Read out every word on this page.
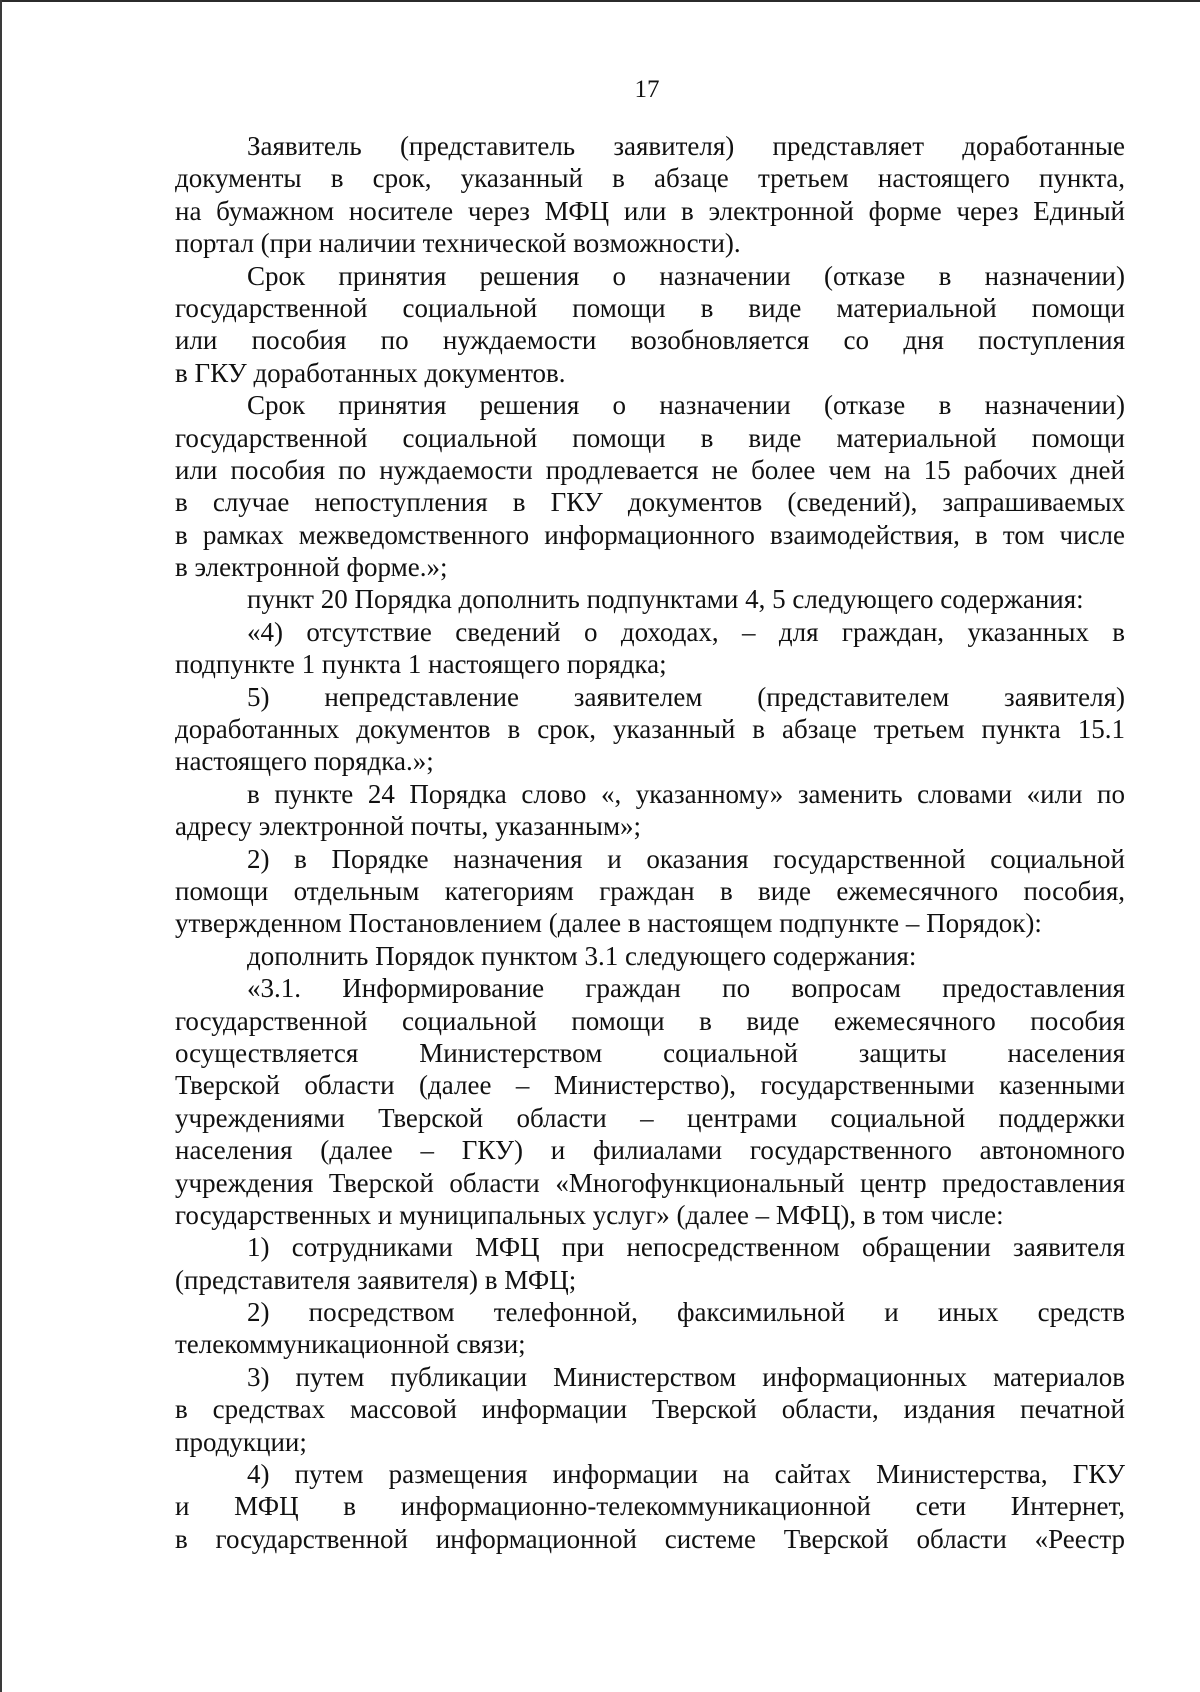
17
Заявитель (представитель заявителя) представляет доработанные
документы в срок, указанный в абзаце третьем настоящего пункта,
на бумажном носителе через МФЦ или в электронной форме через Единый
портал (при наличии технической возможности).
Срок принятия решения о назначении (отказе в назначении)
государственной социальной помощи в виде материальной помощи
или пособия по нуждаемости возобновляется со дня поступления
в ГКУ доработанных документов.
Срок принятия решения о назначении (отказе в назначении)
государственной социальной помощи в виде материальной помощи
или пособия по нуждаемости продлевается не более чем на 15 рабочих дней
в случае непоступления в ГКУ документов (сведений), запрашиваемых
в рамках межведомственного информационного взаимодействия, в том числе
в электронной форме.»;
пункт 20 Порядка дополнить подпунктами 4, 5 следующего содержания:
«4) отсутствие сведений о доходах, – для граждан, указанных в
подпункте 1 пункта 1 настоящего порядка;
5) непредставление заявителем (представителем заявителя)
доработанных документов в срок, указанный в абзаце третьем пункта 15.1
настоящего порядка.»;
в пункте 24 Порядка слово «, указанному» заменить словами «или по
адресу электронной почты, указанным»;
2) в Порядке назначения и оказания государственной социальной
помощи отдельным категориям граждан в виде ежемесячного пособия,
утвержденном Постановлением (далее в настоящем подпункте – Порядок):
дополнить Порядок пунктом 3.1 следующего содержания:
«3.1. Информирование граждан по вопросам предоставления
государственной социальной помощи в виде ежемесячного пособия
осуществляется Министерством социальной защиты населения
Тверской области (далее – Министерство), государственными казенными
учреждениями Тверской области – центрами социальной поддержки
населения (далее – ГКУ) и филиалами государственного автономного
учреждения Тверской области «Многофункциональный центр предоставления
государственных и муниципальных услуг» (далее – МФЦ), в том числе:
1) сотрудниками МФЦ при непосредственном обращении заявителя
(представителя заявителя) в МФЦ;
2) посредством телефонной, факсимильной и иных средств
телекоммуникационной связи;
3) путем публикации Министерством информационных материалов
в средствах массовой информации Тверской области, издания печатной
продукции;
4) путем размещения информации на сайтах Министерства, ГКУ
и МФЦ в информационно-телекоммуникационной сети Интернет,
в государственной информационной системе Тверской области «Реестр
